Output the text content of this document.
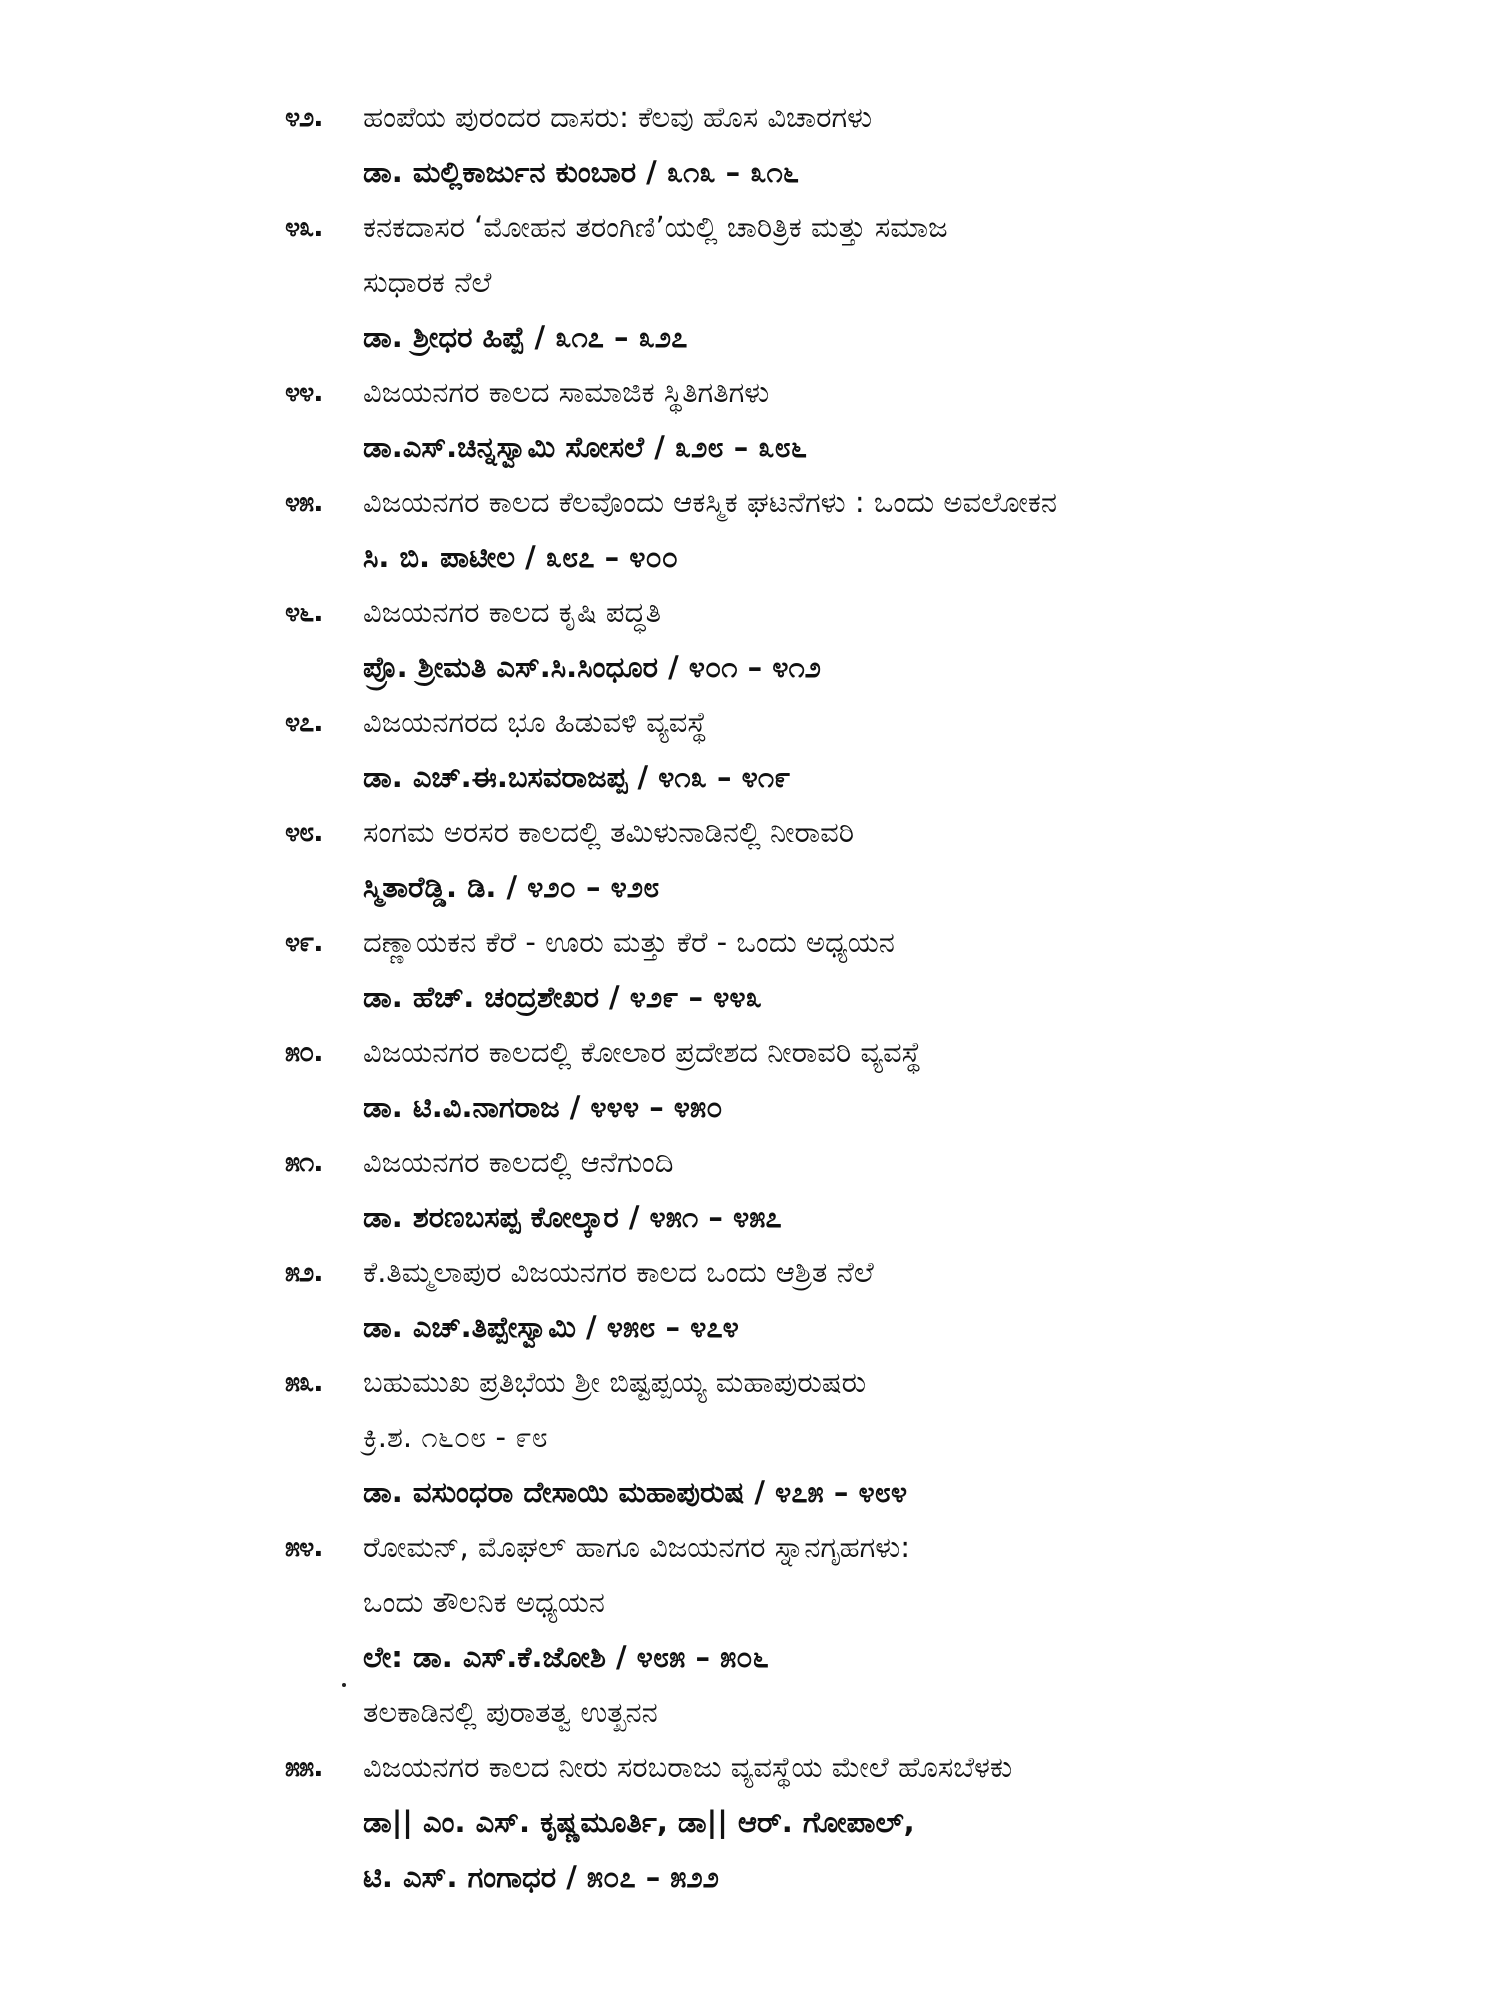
೪೨. ಹಂಪೆಯ ಪುರಂದರ ದಾಸರು: ಕೆಲವು ಹೊಸ ವಿಚಾರಗಳು
ಡಾ. ಮಲ್ಲಿಕಾರ್ಜುನ ಕುಂಬಾರ / ೩೧೩ – ೩೧೬
೪೩. ಕನಕದಾಸರ ‘ಮೋಹನ ತರಂಗಿಣಿ’ಯಲ್ಲಿ ಚಾರಿತ್ರಿಕ ಮತ್ತು ಸಮಾಜ
ಸುಧಾರಕ ನೆಲೆ
ಡಾ. ಶ್ರೀಧರ ಹಿಪ್ಪೆ / ೩೧೭ – ೩೨೭
೪೪. ವಿಜಯನಗರ ಕಾಲದ ಸಾಮಾಜಿಕ ಸ್ಥಿತಿಗತಿಗಳು
ಡಾ.ಎಸ್.ಚಿನ್ನಸ್ವಾಮಿ ಸೋಸಲೆ / ೩೨೮ – ೩೮೬
೪೫. ವಿಜಯನಗರ ಕಾಲದ ಕೆಲವೊಂದು ಆಕಸ್ಮಿಕ ಘಟನೆಗಳು : ಒಂದು ಅವಲೋಕನ
ಸಿ. ಬಿ. ಪಾಟೀಲ / ೩೮೭ – ೪೦೦
೪೬. ವಿಜಯನಗರ ಕಾಲದ ಕೃಷಿ ಪದ್ಧತಿ
ಪ್ರೊ. ಶ್ರೀಮತಿ ಎಸ್.ಸಿ.ಸಿಂಧೂರ / ೪೦೧ – ೪೧೨
೪೭. ವಿಜಯನಗರದ ಭೂ ಹಿಡುವಳಿ ವ್ಯವಸ್ಥೆ
ಡಾ. ಎಚ್.ಈ.ಬಸವರಾಜಪ್ಪ / ೪೧೩ – ೪೧೯
೪೮. ಸಂಗಮ ಅರಸರ ಕಾಲದಲ್ಲಿ ತಮಿಳುನಾಡಿನಲ್ಲಿ ನೀರಾವರಿ
ಸ್ಮಿತಾರೆಡ್ಡಿ. ಡಿ. / ೪೨೦ – ೪೨೮
೪೯. ದಣ್ಣಾಯಕನ ಕೆರೆ - ಊರು ಮತ್ತು ಕೆರೆ - ಒಂದು ಅಧ್ಯಯನ
ಡಾ. ಹೆಚ್. ಚಂದ್ರಶೇಖರ / ೪೨೯ – ೪೪೩
೫೦. ವಿಜಯನಗರ ಕಾಲದಲ್ಲಿ ಕೋಲಾರ ಪ್ರದೇಶದ ನೀರಾವರಿ ವ್ಯವಸ್ಥೆ
ಡಾ. ಟಿ.ವಿ.ನಾಗರಾಜ / ೪೪೪ – ೪೫೦
೫೧. ವಿಜಯನಗರ ಕಾಲದಲ್ಲಿ ಆನೆಗುಂದಿ
ಡಾ. ಶರಣಬಸಪ್ಪ ಕೋಲ್ಕಾರ / ೪೫೧ – ೪೫೭
೫೨. ಕೆ.ತಿಮ್ಮಲಾಪುರ ವಿಜಯನಗರ ಕಾಲದ ಒಂದು ಆಶ್ರಿತ ನೆಲೆ
ಡಾ. ಎಚ್.ತಿಪ್ಪೇಸ್ವಾಮಿ / ೪೫೮ – ೪೭೪
೫೩. ಬಹುಮುಖ ಪ್ರತಿಭೆಯ ಶ್ರೀ ಬಿಷ್ಟಪ್ಪಯ್ಯ ಮಹಾಪುರುಷರು
ಕ್ರಿ.ಶ. ೧೬೦೮ - ೯೮
ಡಾ. ವಸುಂಧರಾ ದೇಸಾಯಿ ಮಹಾಪುರುಷ / ೪೭೫ – ೪೮೪
೫೪. ರೋಮನ್, ಮೊಘಲ್ ಹಾಗೂ ವಿಜಯನಗರ ಸ್ನಾನಗೃಹಗಳು:
ಒಂದು ತೌಲನಿಕ ಅಧ್ಯಯನ
ಲೇ: ಡಾ. ಎಸ್.ಕೆ.ಜೋಶಿ / ೪೮೫ – ೫೦೬
ತಲಕಾಡಿನಲ್ಲಿ ಪುರಾತತ್ವ ಉತ್ಖನನ
೫೫. ವಿಜಯನಗರ ಕಾಲದ ನೀರು ಸರಬರಾಜು ವ್ಯವಸ್ಥೆಯ ಮೇಲೆ ಹೊಸಬೆಳಕು
ಡಾ|| ಎಂ. ಎಸ್. ಕೃಷ್ಣಮೂರ್ತಿ, ಡಾ|| ಆರ್. ಗೋಪಾಲ್,
ಟಿ. ಎಸ್. ಗಂಗಾಧರ / ೫೦೭ – ೫೨೨
